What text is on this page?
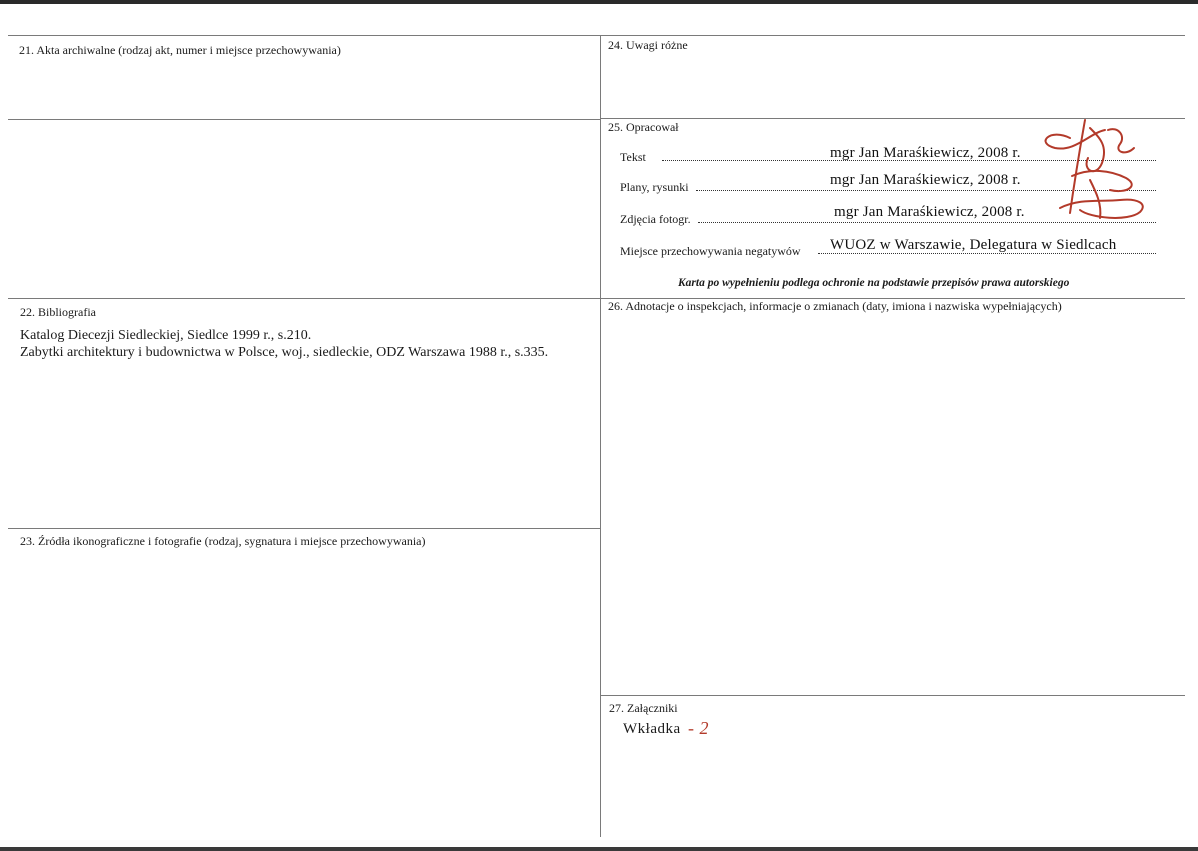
21. Akta archiwalne (rodzaj akt, numer i miejsce przechowywania)	24. Uwagi różne
25. Opracował
Tekst	mgr Jan Maraśkiewicz, 2008 r.
Plany, rysunki	mgr Jan Maraśkiewicz, 2008 r.
Zdjęcia fotogr.	mgr Jan Maraśkiewicz, 2008 r.
Miejsce przechowywania negatywów WUOZ w Warszawie, Delegatura w Siedlcach
Karta po wypełnieniu podlega ochronie na podstawie przepisów prawa autorskiego
22. Bibliografia
Katalog Diecezji Siedleckiej, Siedlce 1999 r., s.210.
Zabytki architektury i budownictwa w Polsce, woj., siedleckie, ODZ Warszawa 1988 r., s.335.
26. Adnotacje o inspekcjach, informacje o zmianach (daty, imiona i nazwiska wypełniających)
23. Źródła ikonograficzne i fotografie (rodzaj, sygnatura i miejsce przechowywania)
27. Załączniki
Wkładka - 2
